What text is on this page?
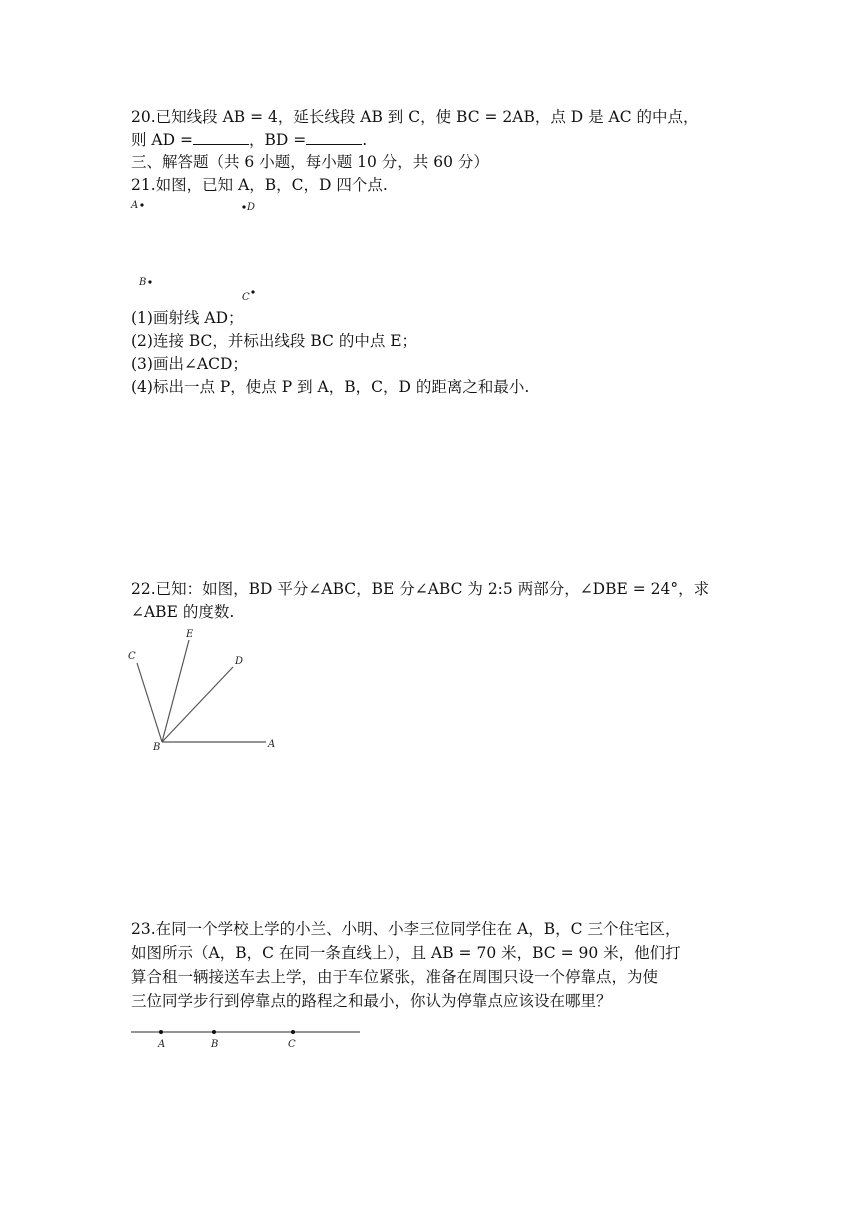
20.已知线段 AB = 4，延长线段 AB 到 C，使 BC = 2AB，点 D 是 AC 的中点，
则 AD =	，BD =	.
三、解答题（共 6 小题，每小题 10 分，共 60 分）
21.如图，已知 A，B，C，D 四个点.
A	D
B
C
B	A
C
E
D
A	B	C
(1)画射线 AD；
(2)连接 BC，并标出线段 BC 的中点 E；
(3)画出∠ACD；
(4)标出一点 P，使点 P 到 A，B，C，D 的距离之和最小.
22.已知：如图，BD 平分∠ABC，BE 分∠ABC 为 2:5 两部分，∠DBE = 24°，求
∠ABE 的度数.
23.在同一个学校上学的小兰、小明、小李三位同学住在 A，B，C 三个住宅区，
如图所示（A，B，C 在同一条直线上），且 AB = 70 米，BC = 90 米，他们打
算合租一辆接送车去上学，由于车位紧张，准备在周围只设一个停靠点，为使
三位同学步行到停靠点的路程之和最小，你认为停靠点应该设在哪里？
